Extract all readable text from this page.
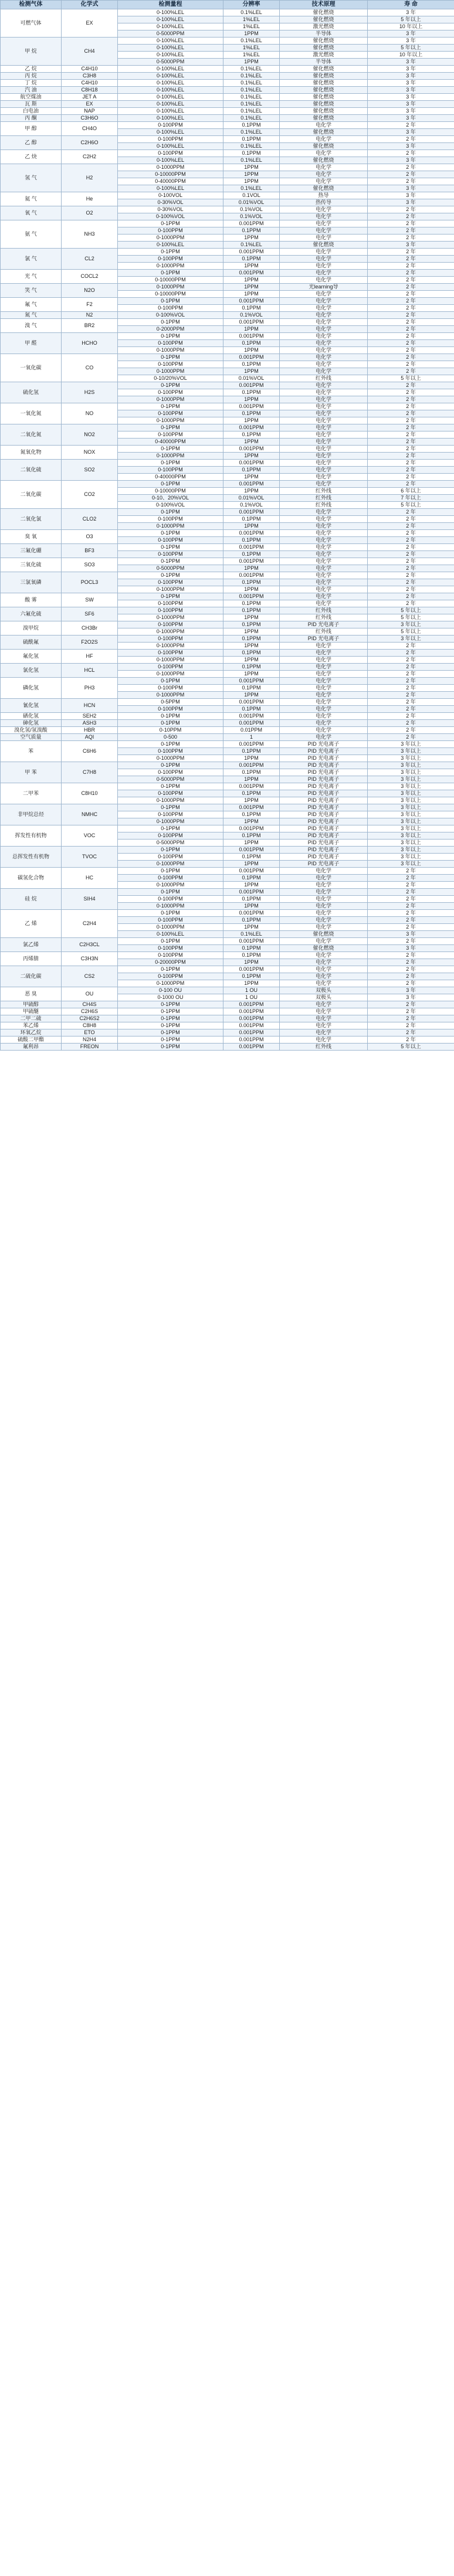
检测气体	化学式	检测量程	分辨率	技术原理	寿 命
可燃气体	EX	0-100%LEL	0.1%LEL	催化燃烧	3 年
		0-100%LEL	1%LEL	催化燃烧	5 年以上
		0-100%LEL	1%LEL	激光燃烧	10 年以上
		0-5000PPM	1PPM	半导体	3 年
甲 烷	CH4	0-100%LEL	0.1%LEL	催化燃烧	3 年
		0-100%LEL	1%LEL	催化燃烧	5 年以上
		0-100%LEL	1%LEL	激光燃烧	10 年以上
		0-5000PPM	1PPM	半导体	3 年
乙 烷	C4H10	0-100%LEL	0.1%LEL	催化燃烧	3 年
丙 烷	C3H8	0-100%LEL	0.1%LEL	催化燃烧	3 年
丁 烷	C4H10	0-100%LEL	0.1%LEL	催化燃烧	3 年
汽 油	C8H18	0-100%LEL	0.1%LEL	催化燃烧	3 年
航空煤油	JET A	0-100%LEL	0.1%LEL	催化燃烧	3 年
瓦 斯	EX	0-100%LEL	0.1%LEL	催化燃烧	3 年
白电油	NAP	0-100%LEL	0.1%LEL	催化燃烧	3 年
丙 酮	C3H6O	0-100%LEL	0.1%LEL	催化燃烧	3 年
甲 醇	CH4O	0-100PPM	0.1PPM	电化学	2 年
		0-100%LEL	0.1%LEL	催化燃烧	3 年
乙 醇	C2H6O	0-100PPM	0.1PPM	电化学	2 年
		0-100%LEL	0.1%LEL	催化燃烧	3 年
乙 炔	C2H2	0-100PPM	0.1PPM	电化学	2 年
		0-100%LEL	0.1%LEL	催化燃烧	3 年
氢 气	H2	0-1000PPM	1PPM	电化学	2 年
		0-10000PPM	1PPM	电化学	2 年
		0-40000PPM	1PPM	电化学	2 年
		0-100%LEL	0.1%LEL	催化燃烧	3 年
氦 气	He	0-100VOL	0.1VOL	热导	3 年
		0-30%VOL	0.01%VOL	热传导	3 年
氧 气	O2	0-30%VOL	0.1%VOL	电化学	2 年
		0-100%VOL	0.1%VOL	电化学	2 年
氨 气	NH3	0-1PPM	0.001PPM	电化学	2 年
		0-100PPM	0.1PPM	电化学	2 年
		0-1000PPM	1PPM	电化学	2 年
		0-100%LEL	0.1%LEL	催化燃烧	3 年
氯 气	CL2	0-1PPM	0.001PPM	电化学	2 年
		0-100PPM	0.1PPM	电化学	2 年
		0-1000PPM	1PPM	电化学	2 年
光 气	COCL2	0-1PPM	0.001PPM	电化学	2 年
		0-10000PPM	1PPM	电化学	2 年
笑 气	N2O	0-1000PPM	1PPM	光learning导	2 年
		0-10000PPM	1PPM	电化学	2 年
氟 气	F2	0-1PPM	0.001PPM	电化学	2 年
		0-100PPM	0.1PPM	电化学	2 年
氮 气	N2	0-100%VOL	0.1%VOL	电化学	2 年
溴 气	BR2	0-1PPM	0.001PPM	电化学	2 年
		0-2000PPM	1PPM	电化学	2 年
甲 醛	HCHO	0-1PPM	0.001PPM	电化学	2 年
		0-100PPM	0.1PPM	电化学	2 年
		0-1000PPM	1PPM	电化学	2 年
一氧化碳	CO	0-1PPM	0.001PPM	电化学	2 年
		0-100PPM	0.1PPM	电化学	2 年
		0-1000PPM	1PPM	电化学	2 年
		0-10/20%VOL	0.01%VOL	红外线	5 年以上
硫化氢	H2S	0-1PPM	0.001PPM	电化学	2 年
		0-100PPM	0.1PPM	电化学	2 年
		0-1000PPM	1PPM	电化学	2 年
一氧化氮	NO	0-1PPM	0.001PPM	电化学	2 年
		0-100PPM	0.1PPM	电化学	2 年
		0-1000PPM	1PPM	电化学	2 年
二氧化氮	NO2	0-1PPM	0.001PPM	电化学	2 年
		0-100PPM	0.1PPM	电化学	2 年
		0-40000PPM	1PPM	电化学	2 年
氮氧化物	NOX	0-1PPM	0.001PPM	电化学	2 年
		0-1000PPM	1PPM	电化学	2 年
二氧化硫	SO2	0-1PPM	0.001PPM	电化学	2 年
		0-100PPM	0.1PPM	电化学	2 年
		0-40000PPM	1PPM	电化学	2 年
二氧化碳	CO2	0-1PPM	0.001PPM	电化学	2 年
		0-10000PPM	1PPM	红外线	6 年以上
		0-10、20%VOL	0.01%VOL	红外线	7 年以上
		0-100%VOL	0.1%VOL	红外线	5 年以上
二氧化氯	CLO2	0-1PPM	0.001PPM	电化学	2 年
		0-100PPM	0.1PPM	电化学	2 年
		0-1000PPM	1PPM	电化学	2 年
臭 氧	O3	0-1PPM	0.001PPM	电化学	2 年
		0-100PPM	0.1PPM	电化学	2 年
三氟化硼	BF3	0-1PPM	0.001PPM	电化学	2 年
		0-100PPM	0.1PPM	电化学	2 年
三氧化硫	SO3	0-1PPM	0.001PPM	电化学	2 年
		0-5000PPM	1PPM	电化学	2 年
三氯氧磷	POCL3	0-1PPM	0.001PPM	电化学	2 年
		0-100PPM	0.1PPM	电化学	2 年
		0-1000PPM	1PPM	电化学	2 年
酸 雾	SW	0-1PPM	0.001PPM	电化学	2 年
		0-100PPM	0.1PPM	电化学	2 年
六氟化硫	SF6	0-100PPM	0.1PPM	红外线	5 年以上
		0-1000PPM	1PPM	红外线	5 年以上
溴甲烷	CH3Br	0-100PPM	0.1PPM	PID 光电离子	3 年以上
		0-1000PPM	1PPM	红外线	5 年以上
硫酰氟	F2O2S	0-100PPM	0.1PPM	PID 光电离子	3 年以上
		0-1000PPM	1PPM	电化学	2 年
氟化氢	HF	0-100PPM	0.1PPM	电化学	2 年
		0-1000PPM	1PPM	电化学	2 年
氯化氢	HCL	0-100PPM	0.1PPM	电化学	2 年
		0-1000PPM	1PPM	电化学	2 年
磷化氢	PH3	0-1PPM	0.001PPM	电化学	2 年
		0-100PPM	0.1PPM	电化学	2 年
		0-1000PPM	1PPM	电化学	2 年
氰化氢	HCN	0-5PPM	0.001PPM	电化学	2 年
		0-100PPM	0.1PPM	电化学	2 年
硒化氢	SEH2	0-1PPM	0.001PPM	电化学	2 年
砷化氢	ASH3	0-1PPM	0.001PPM	电化学	2 年
溴化氢/氢溴酸	HBR	0-10PPM	0.01PPM	电化学	2 年
空气质量	AQI	0-500	1	电化学	2 年
苯	C6H6	0-1PPM	0.001PPM	PID 光电离子	3 年以上
		0-100PPM	0.1PPM	PID 光电离子	3 年以上
		0-1000PPM	1PPM	PID 光电离子	3 年以上
甲 苯	C7H8	0-1PPM	0.001PPM	PID 光电离子	3 年以上
		0-100PPM	0.1PPM	PID 光电离子	3 年以上
		0-5000PPM	1PPM	PID 光电离子	3 年以上
二甲苯	C8H10	0-1PPM	0.001PPM	PID 光电离子	3 年以上
		0-100PPM	0.1PPM	PID 光电离子	3 年以上
		0-1000PPM	1PPM	PID 光电离子	3 年以上
非甲烷总烃	NMHC	0-1PPM	0.001PPM	PID 光电离子	3 年以上
		0-100PPM	0.1PPM	PID 光电离子	3 年以上
		0-1000PPM	1PPM	PID 光电离子	3 年以上
挥发性有机物	VOC	0-1PPM	0.001PPM	PID 光电离子	3 年以上
		0-100PPM	0.1PPM	PID 光电离子	3 年以上
		0-5000PPM	1PPM	PID 光电离子	3 年以上
总挥发性有机物	TVOC	0-1PPM	0.001PPM	PID 光电离子	3 年以上
		0-100PPM	0.1PPM	PID 光电离子	3 年以上
		0-1000PPM	1PPM	PID 光电离子	3 年以上
碳氢化合物	HC	0-1PPM	0.001PPM	电化学	2 年
		0-100PPM	0.1PPM	电化学	2 年
		0-1000PPM	1PPM	电化学	2 年
硅 烷	SIH4	0-1PPM	0.001PPM	电化学	2 年
		0-100PPM	0.1PPM	电化学	2 年
		0-1000PPM	1PPM	电化学	2 年
乙 烯	C2H4	0-1PPM	0.001PPM	电化学	2 年
		0-100PPM	0.1PPM	电化学	2 年
		0-1000PPM	1PPM	电化学	2 年
		0-100%LEL	0.1%LEL	催化燃烧	3 年
氯乙烯	C2H3CL	0-1PPM	0.001PPM	电化学	2 年
		0-100PPM	0.1PPM	催化燃烧	3 年
丙烯腈	C3H3N	0-100PPM	0.1PPM	电化学	2 年
		0-20000PPM	1PPM	电化学	2 年
二硫化碳	CS2	0-1PPM	0.001PPM	电化学	2 年
		0-100PPM	0.1PPM	电化学	2 年
		0-1000PPM	1PPM	电化学	2 年
恶 臭	OU	0-100 OU	1 OU	双极头	3 年
		0-1000 OU	1 OU	双极头	3 年
甲硫醇	CH4S	0-1PPM	0.001PPM	电化学	2 年
甲硫醚	C2H6S	0-1PPM	0.001PPM	电化学	2 年
二甲二硫	C2H6S2	0-1PPM	0.001PPM	电化学	2 年
苯乙烯	C8H8	0-1PPM	0.001PPM	电化学	2 年
环氧乙烷	ETO	0-1PPM	0.001PPM	电化学	2 年
硫酸二甲酯	N2H4	0-1PPM	0.001PPM	电化学	2 年
氟利昂	FREON	0-1PPM	0.001PPM	红外线	5 年以上
